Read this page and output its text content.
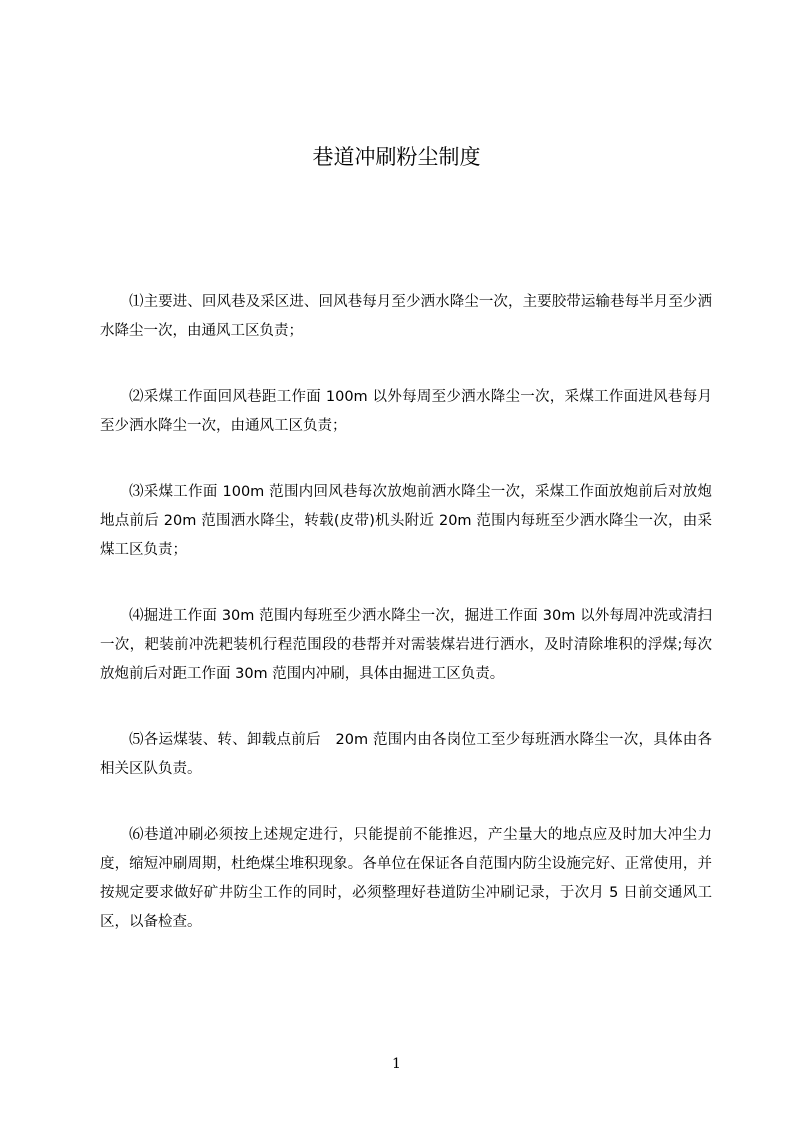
巷道冲刷粉尘制度

⑴主要进、回风巷及采区进、回风巷每月至少洒水降尘一次，主要胶带运输巷每半月至少洒水降尘一次，由通风工区负责；

⑵采煤工作面回风巷距工作面 100m 以外每周至少洒水降尘一次，采煤工作面进风巷每月至少洒水降尘一次，由通风工区负责；

⑶采煤工作面 100m 范围内回风巷每次放炮前洒水降尘一次，采煤工作面放炮前后对放炮地点前后 20m 范围洒水降尘，转载(皮带)机头附近 20m 范围内每班至少洒水降尘一次，由采煤工区负责；

⑷掘进工作面 30m 范围内每班至少洒水降尘一次，掘进工作面 30m 以外每周冲洗或清扫一次，耙装前冲洗耙装机行程范围段的巷帮并对需装煤岩进行洒水，及时清除堆积的浮煤;每次放炮前后对距工作面 30m 范围内冲刷，具体由掘进工区负责。

⑸各运煤装、转、卸载点前后　20m 范围内由各岗位工至少每班洒水降尘一次，具体由各相关区队负责。

⑹巷道冲刷必须按上述规定进行，只能提前不能推迟，产尘量大的地点应及时加大冲尘力度，缩短冲刷周期，杜绝煤尘堆积现象。各单位在保证各自范围内防尘设施完好、正常使用，并按规定要求做好矿井防尘工作的同时，必须整理好巷道防尘冲刷记录，于次月 5 日前交通风工区，以备检查。

1
